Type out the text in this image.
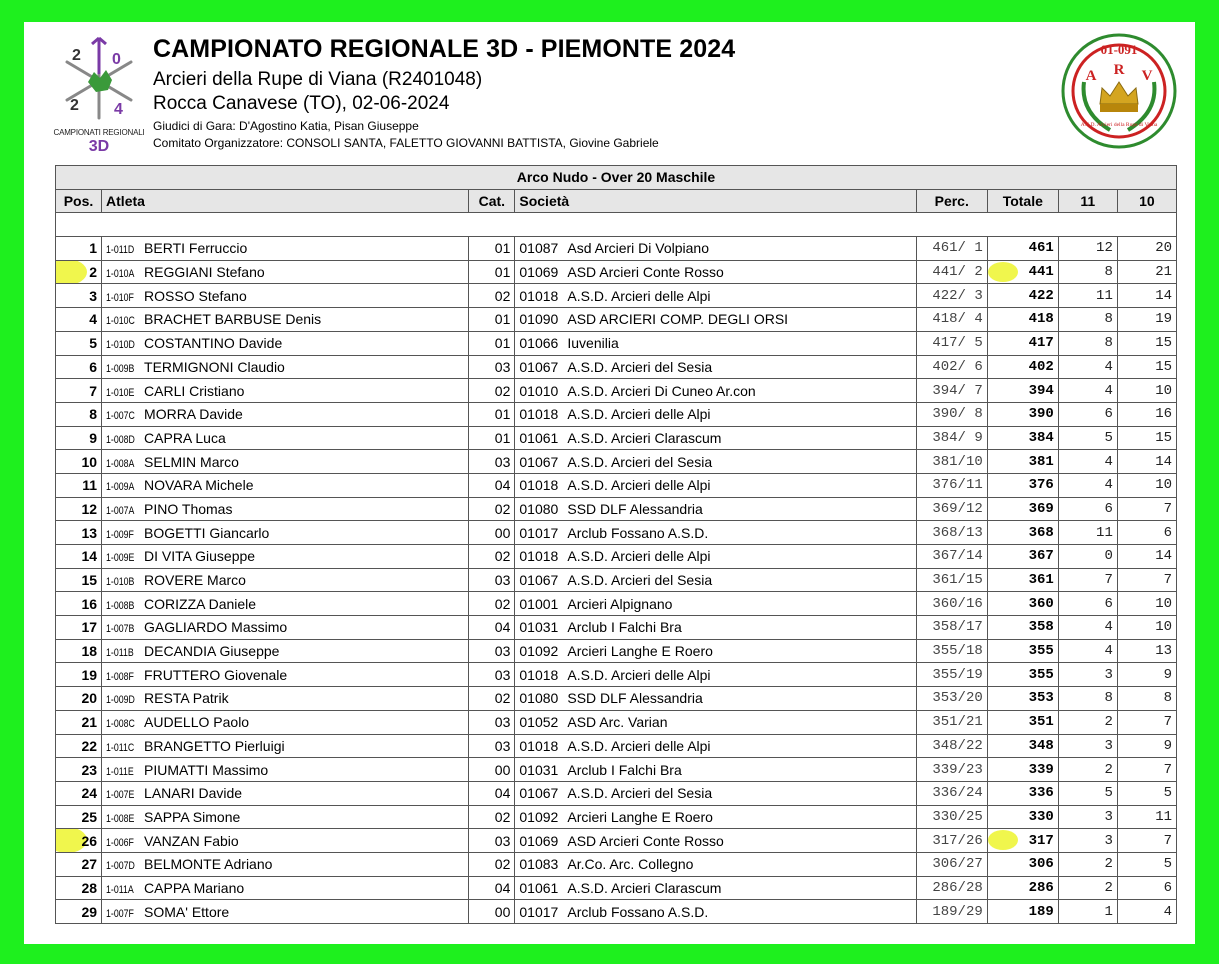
2 0
2 4
CAMPIONATI REGIONALI
3D
CAMPIONATO REGIONALE 3D - PIEMONTE 2024
Arcieri della Rupe di Viana (R2401048)
Rocca Canavese (TO), 02-06-2024
Giudici di Gara: D'Agostino Katia, Pisan Giuseppe
Comitato Organizzatore: CONSOLI SANTA, FALETTO GIOVANNI BATTISTA, Giovine Gabriele
01-091
A R V
A.S.D. Arcieri della Rupe di Viana
Arco Nudo - Over 20 Maschile							
Pos.	Atleta	Cat.	Società	Perc.	Totale	11	10

1	1-011D BERTI Ferruccio	01	01087 Asd Arcieri Di Volpiano	461/ 1	461	12	20

2	1-010A REGGIANI Stefano	01	01069 ASD Arcieri Conte Rosso	441/ 2	441	8	21
3	1-010F ROSSO Stefano	02	01018 A.S.D. Arcieri delle Alpi	422/ 3	422	11	14
4	1-010C BRACHET BARBUSE Denis	01	01090 ASD ARCIERI COMP. DEGLI ORSI	418/ 4	418	8	19
5	1-010D COSTANTINO Davide	01	01066 Iuvenilia	417/ 5	417	8	15
6	1-009B TERMIGNONI Claudio	03	01067 A.S.D. Arcieri del Sesia	402/ 6	402	4	15
7	1-010E CARLI Cristiano	02	01010 A.S.D. Arcieri Di Cuneo Ar.con	394/ 7	394	4	10
8	1-007C MORRA Davide	01	01018 A.S.D. Arcieri delle Alpi	390/ 8	390	6	16
9	1-008D CAPRA Luca	01	01061 A.S.D. Arcieri Clarascum	384/ 9	384	5	15
10	1-008A SELMIN Marco	03	01067 A.S.D. Arcieri del Sesia	381/10	381	4	14
11	1-009A NOVARA Michele	04	01018 A.S.D. Arcieri delle Alpi	376/11	376	4	10
12	1-007A PINO Thomas	02	01080 SSD DLF Alessandria	369/12	369	6	7
13	1-009F BOGETTI Giancarlo	00	01017 Arclub Fossano A.S.D.	368/13	368	11	6
14	1-009E DI VITA Giuseppe	02	01018 A.S.D. Arcieri delle Alpi	367/14	367	0	14
15	1-010B ROVERE Marco	03	01067 A.S.D. Arcieri del Sesia	361/15	361	7	7
16	1-008B CORIZZA Daniele	02	01001 Arcieri Alpignano	360/16	360	6	10
17	1-007B GAGLIARDO Massimo	04	01031 Arclub I Falchi Bra	358/17	358	4	10
18	1-011B DECANDIA Giuseppe	03	01092 Arcieri Langhe E Roero	355/18	355	4	13
19	1-008F FRUTTERO Giovenale	03	01018 A.S.D. Arcieri delle Alpi	355/19	355	3	9
20	1-009D RESTA Patrik	02	01080 SSD DLF Alessandria	353/20	353	8	8
21	1-008C AUDELLO Paolo	03	01052 ASD Arc. Varian	351/21	351	2	7
22	1-011C BRANGETTO Pierluigi	03	01018 A.S.D. Arcieri delle Alpi	348/22	348	3	9
23	1-011E PIUMATTI Massimo	00	01031 Arclub I Falchi Bra	339/23	339	2	7
24	1-007E LANARI Davide	04	01067 A.S.D. Arcieri del Sesia	336/24	336	5	5
25	1-008E SAPPA Simone	02	01092 Arcieri Langhe E Roero	330/25	330	3	11

26	1-006F VANZAN Fabio	03	01069 ASD Arcieri Conte Rosso	317/26	317	3	7
27	1-007D BELMONTE Adriano	02	01083 Ar.Co. Arc. Collegno	306/27	306	2	5
28	1-011A CAPPA Mariano	04	01061 A.S.D. Arcieri Clarascum	286/28	286	2	6
29	1-007F SOMA' Ettore	00	01017 Arclub Fossano A.S.D.	189/29	189	1	4
